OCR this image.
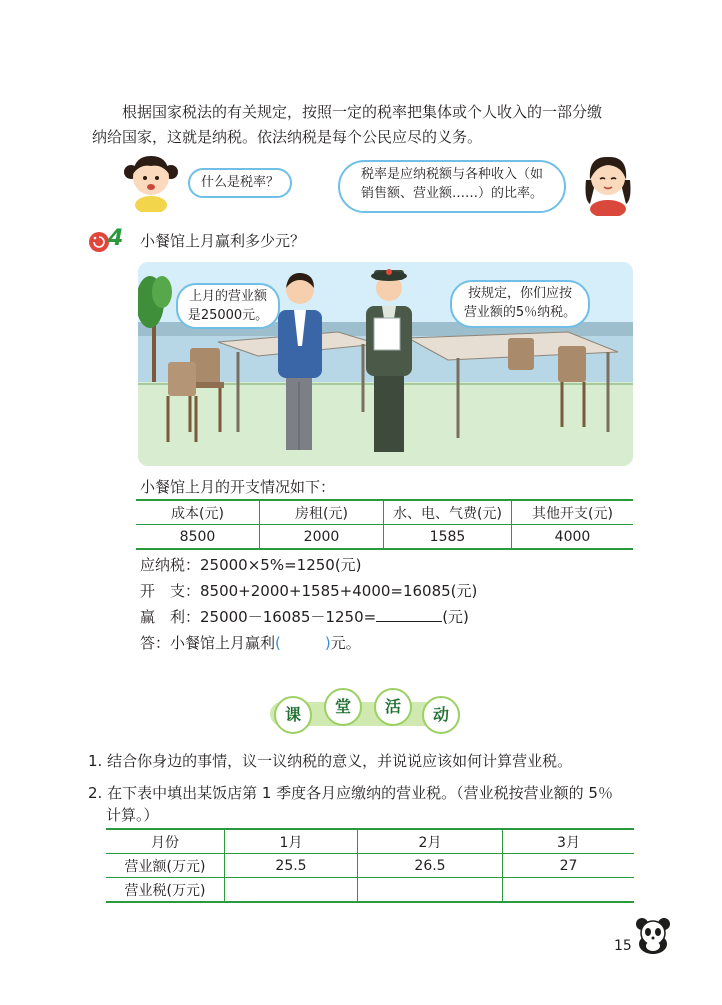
根据国家税法的有关规定，按照一定的税率把集体或个人收入的一部分缴
纳给国家，这就是纳税。依法纳税是每个公民应尽的义务。
什么是税率？
税率是应纳税额与各种收入（如
销售额、营业额……）的比率。
4 小餐馆上月赢利多少元？
上月的营业额
是25000元。
按规定，你们应按
营业额的5％纳税。
小餐馆上月的开支情况如下：
成本(元)	房租(元)	水、电、气费(元)	其他开支(元)
8500	2000	1585	4000
应纳税：25000×5%=1250(元)
开　支：8500+2000+1585+4000=16085(元)
赢　利：25000－16085－1250=	(元)
答：小餐馆上月赢利(	)元。
课	堂	活	动
1. 结合你身边的事情，议一议纳税的意义，并说说应该如何计算营业税。
2. 在下表中填出某饭店第 1 季度各月应缴纳的营业税。（营业税按营业额的 5％
计算。）
月份	1月	2月	3月
营业额(万元)	25.5	26.5	27
营业税(万元)			
15
